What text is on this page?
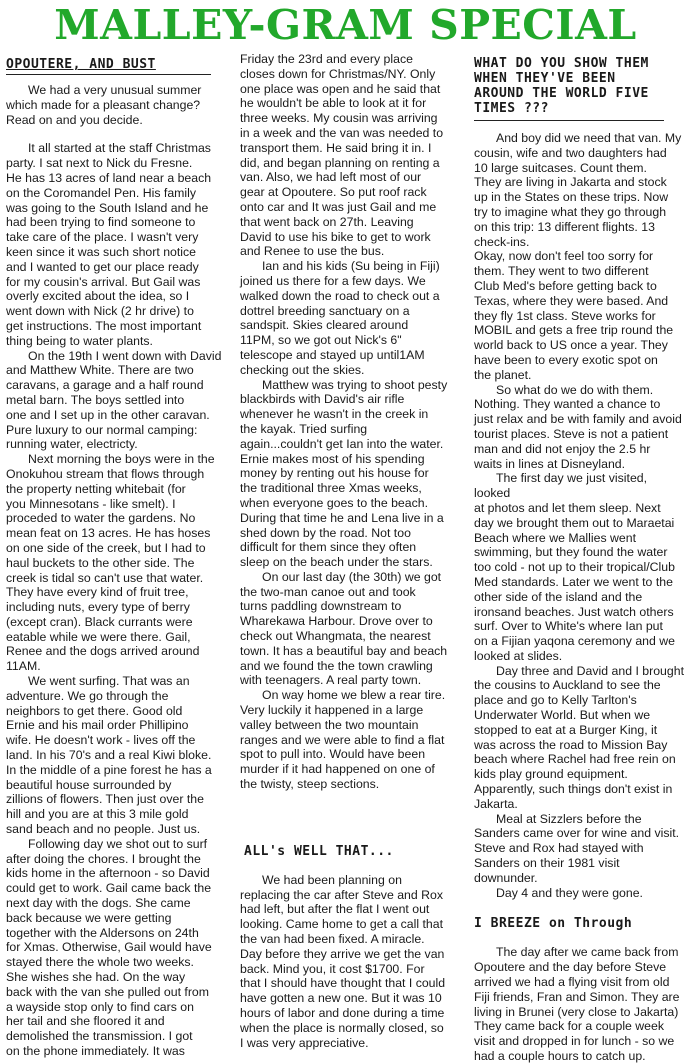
MALLEY-GRAM SPECIAL
OPOUTERE, AND BUST

We had a very unusual summer

which made for a pleasant change?

Read on and you decide.

It all started at the staff Christmas

party. I sat next to Nick du Fresne.

He has 13 acres of land near a beach

on the Coromandel Pen. His family

was going to the South Island and he

had been trying to find someone to

take care of the place. I wasn't very

keen since it was such short notice

and I wanted to get our place ready

for my cousin's arrival. But Gail was

overly excited about the idea, so I

went down with Nick (2 hr drive) to

get instructions. The most important

thing being to water plants.

On the 19th I went down with David

and Matthew White. There are two

caravans, a garage and a half round

metal barn. The boys settled into

one and I set up in the other caravan.

Pure luxury to our normal camping:

running water, electricty.

Next morning the boys were in the

Onokuhou stream that flows through

the property netting whitebait (for

you Minnesotans - like smelt). I

proceded to water the gardens. No

mean feat on 13 acres. He has hoses

on one side of the creek, but I had to

haul buckets to the other side. The

creek is tidal so can't use that water.

They have every kind of fruit tree,

including nuts, every type of berry

(except cran). Black currants were

eatable while we were there. Gail,

Renee and the dogs arrived around

11AM.

We went surfing. That was an

adventure. We go through the

neighbors to get there. Good old

Ernie and his mail order Phillipino

wife. He doesn't work - lives off the

land. In his 70's and a real Kiwi bloke.

In the middle of a pine forest he has a

beautiful house surrounded by

zillions of flowers. Then just over the

hill and you are at this 3 mile gold

sand beach and no people. Just us.

Following day we shot out to surf

after doing the chores. I brought the

kids home in the afternoon - so David

could get to work. Gail came back the

next day with the dogs. She came

back because we were getting

together with the Aldersons on 24th

for Xmas. Otherwise, Gail would have

stayed there the whole two weeks.

She wishes she had. On the way

back with the van she pulled out from

a wayside stop only to find cars on

her tail and she floored it and

demolished the transmission. I got

on the phone immediately. It was

Friday the 23rd and every place

closes down for Christmas/NY. Only

one place was open and he said that

he wouldn't be able to look at it for

three weeks. My cousin was arriving

in a week and the van was needed to

transport them. He said bring it in. I

did, and began planning on renting a

van. Also, we had left most of our

gear at Opoutere. So put roof rack

onto car and It was just Gail and me

that went back on 27th. Leaving

David to use his bike to get to work

and Renee to use the bus.

Ian and his kids (Su being in Fiji)

joined us there for a few days. We

walked down the road to check out a

dottrel breeding sanctuary on a

sandspit. Skies cleared around

11PM, so we got out Nick's 6"

telescope and stayed up until1AM

checking out the skies.

Matthew was trying to shoot pesty

blackbirds with David's air rifle

whenever he wasn't in the creek in

the kayak. Tried surfing

again...couldn't get Ian into the water.

Ernie makes most of his spending

money by renting out his house for

the traditional three Xmas weeks,

when everyone goes to the beach.

During that time he and Lena live in a

shed down by the road. Not too

difficult for them since they often

sleep on the beach under the stars.

On our last day (the 30th) we got

the two-man canoe out and took

turns paddling downstream to

Wharekawa Harbour. Drove over to

check out Whangmata, the nearest

town. It has a beautiful bay and beach

and we found the the town crawling

with teenagers. A real party town.

On way home we blew a rear tire.

Very luckily it happened in a large

valley between the two mountain

ranges and we were able to find a flat

spot to pull into. Would have been

murder if it had happened on one of

the twisty, steep sections.

ALL's WELL THAT...

We had been planning on

replacing the car after Steve and Rox

had left, but after the flat I went out

looking. Came home to get a call that

the van had been fixed. A miracle.

Day before they arrive we get the van

back. Mind you, it cost $1700. For

that I should have thought that I could

have gotten a new one. But it was 10

hours of labor and done during a time

when the place is normally closed, so

I was very appreciative.

WHAT DO YOU SHOW THEM
WHEN THEY'VE BEEN
AROUND THE WORLD FIVE
TIMES ???

And boy did we need that van. My

cousin, wife and two daughters had

10 large suitcases. Count them.

They are living in Jakarta and stock

up in the States on these trips. Now

try to imagine what they go through

on this trip: 13 different flights. 13

check-ins.

Okay, now don't feel too sorry for

them. They went to two different

Club Med's before getting back to

Texas, where they were based. And

they fly 1st class. Steve works for

MOBIL and gets a free trip round the

world back to US once a year. They

have been to every exotic spot on

the planet.

So what do we do with them.

Nothing. They wanted a chance to

just relax and be with family and avoid

tourist places. Steve is not a patient

man and did not enjoy the 2.5 hr

waits in lines at Disneyland.

The first day we just visited, looked

at photos and let them sleep. Next

day we brought them out to Maraetai

Beach where we Mallies went

swimming, but they found the water

too cold - not up to their tropical/Club

Med standards. Later we went to the

other side of the island and the

ironsand beaches. Just watch others

surf. Over to White's where Ian put

on a Fijian yaqona ceremony and we

looked at slides.

Day three and David and I brought

the cousins to Auckland to see the

place and go to Kelly Tarlton's

Underwater World. But when we

stopped to eat at a Burger King, it

was across the road to Mission Bay

beach where Rachel had free rein on

kids play ground equipment.

Apparently, such things don't exist in

Jakarta.

Meal at Sizzlers before the

Sanders came over for wine and visit.

Steve and Rox had stayed with

Sanders on their 1981 visit

downunder.

Day 4 and they were gone.

I BREEZE on Through

The day after we came back from

Opoutere and the day before Steve

arrived we had a flying visit from old

Fiji friends, Fran and Simon. They are

living in Brunei (very close to Jakarta)

They came back for a couple week

visit and dropped in for lunch - so we

had a couple hours to catch up.
